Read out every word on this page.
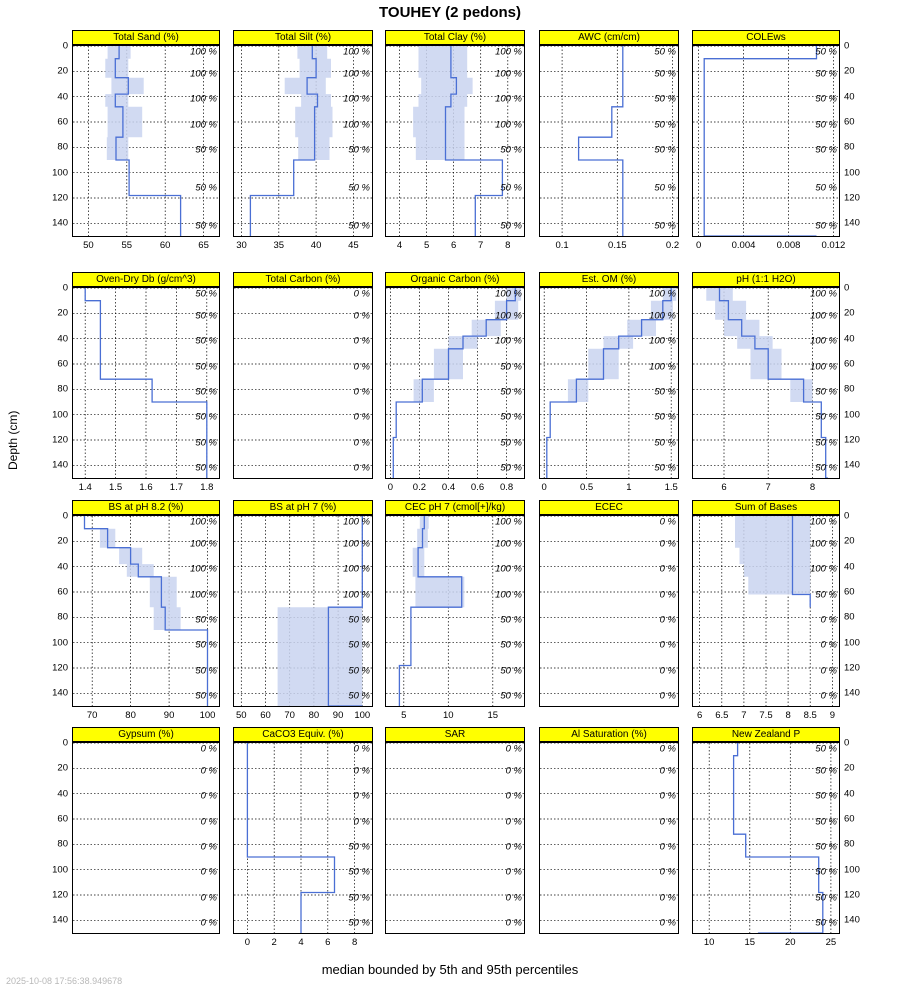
TOUHEY (2 pedons)
Depth (cm)
median bounded by 5th and 95th percentiles
2025-10-08 17:56:38.949678
Total Sand (%)
100 %
100 %
100 %
100 %
50 %
50 %
50 %
0
20
40
60
80
100
120
140
50	55	60	65
Total Silt (%)
100 %
100 %
100 %
100 %
50 %
50 %
50 %
30	35	40	45
Total Clay (%)
100 %
100 %
100 %
100 %
50 %
50 %
50 %
4 5 6 7 8
AWC (cm/cm)
50 %
50 %
50 %
50 %
50 %
50 %
50 %
0.1	0.15	0.2
COLEws
50 %
50 %
50 %
50 %
50 %
50 %
50 %
0
20
40
60
80
100
120
140
0	0.004 0.008 0.012
Oven-Dry Db (g/cm^3)
50 %
50 %
50 %
50 %
50 %
50 %
50 %
50 %
0
20
40
60
80
100
120
140
1.4 1.5 1.6 1.7 1.8
Total Carbon (%)
0 %
0 %
0 %
0 %
0 %
0 %
0 %
0 %
Organic Carbon (%)
100 %
100 %
100 %
50 %
50 %
50 %
50 %
50 %
0 0.2 0.4 0.6 0.8
Est. OM (%)
100 %
100 %
100 %
100 %
50 %
50 %
50 %
50 %
0	0.5	1	1.5
pH (1:1 H2O)
100 %
100 %
100 %
100 %
50 %
50 %
50 %
50 %
0
20
40
60
80
100
120
140
6	7	8
BS at pH 8.2 (%)
100 %
100 %
100 %
100 %
50 %
50 %
50 %
50 %
0
20
40
60
80
100
120
140
70	80	90	100
BS at pH 7 (%)
100 %
100 %
100 %
100 %
50 %
50 %
50 %
50 %
50 60 70 80 90 100
CEC pH 7 (cmol[+]/kg)
100 %
100 %
100 %
100 %
50 %
50 %
50 %
50 %
5	10	15
ECEC
0 %
0 %
0 %
0 %
0 %
0 %
0 %
0 %
Sum of Bases
100 %
100 %
100 %
50 %
0 %
0 %
0 %
0 %
0
20
40
60
80
100
120
140
6 6.5 7 7.5 8 8.5 9
Gypsum (%)
0 %
0 %
0 %
0 %
0 %
0 %
0 %
0 %
0
20
40
60
80
100
120
140
CaCO3 Equiv. (%)
0 %
0 %
0 %
0 %
50 %
50 %
50 %
50 %
0 2 4 6 8
SAR
0 %
0 %
0 %
0 %
0 %
0 %
0 %
0 %
Al Saturation (%)
0 %
0 %
0 %
0 %
0 %
0 %
0 %
0 %
New Zealand P
50 %
50 %
50 %
50 %
50 %
50 %
50 %
50 %
0
20
40
60
80
100
120
140
10	15	20	25
